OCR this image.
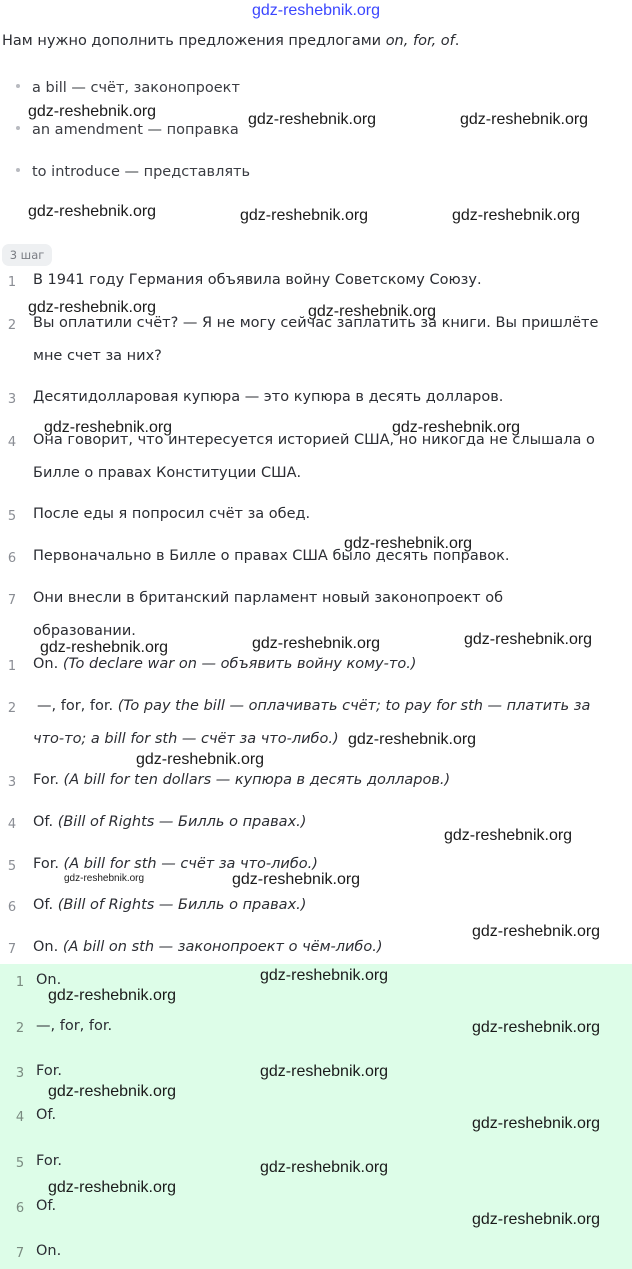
gdz-reshebnik.org
Нам нужно дополнить предложения предлогами on, for, of.
a bill — счёт, законопроект
an amendment — поправка
to introduce — представлять
3 шаг
1	В 1941 году Германия объявила войну Советскому Союзу.
2	Вы оплатили счёт? — Я не могу сейчас заплатить за книги. Вы пришлёте
мне счет за них?
3	Десятидолларовая купюра — это купюра в десять долларов.
4	Она говорит, что интересуется историей США, но никогда не слышала о
Билле о правах Конституции США.
5	После еды я попросил счёт за обед.
6	Первоначально в Билле о правах США было десять поправок.
7	Они внесли в британский парламент новый законопроект об
образовании.
1	On. (To declare war on — объявить войну кому-то.)
2	—, for, for. (To pay the bill — оплачивать счёт; to pay for sth — платить за
что-то; a bill for sth — счёт за что-либо.)
3	For. (A bill for ten dollars — купюра в десять долларов.)
4	Of. (Bill of Rights — Билль о правах.)
5	For. (A bill for sth — счёт за что-либо.)
6	Of. (Bill of Rights — Билль о правах.)
7	On. (A bill on sth — законопроект о чём-либо.)
1 On.
2 —, for, for.
3 For.
4 Of.
5 For.
6 Of.
7 On.
gdz-reshebnik.org	gdz-reshebnik.org	gdz-reshebnik.org
gdz-reshebnik.org	gdz-reshebnik.org	gdz-reshebnik.org
gdz-reshebnik.org	gdz-reshebnik.org
gdz-reshebnik.org	gdz-reshebnik.org
gdz-reshebnik.org
gdz-reshebnik.org	gdz-reshebnik.org	gdz-reshebnik.org
gdz-reshebnik.org
gdz-reshebnik.org
gdz-reshebnik.org
gdz-reshebnik.org	gdz-reshebnik.org
gdz-reshebnik.org
gdz-reshebnik.org
gdz-reshebnik.org
gdz-reshebnik.org
gdz-reshebnik.org
gdz-reshebnik.org
gdz-reshebnik.org
gdz-reshebnik.org
gdz-reshebnik.org
gdz-reshebnik.org
